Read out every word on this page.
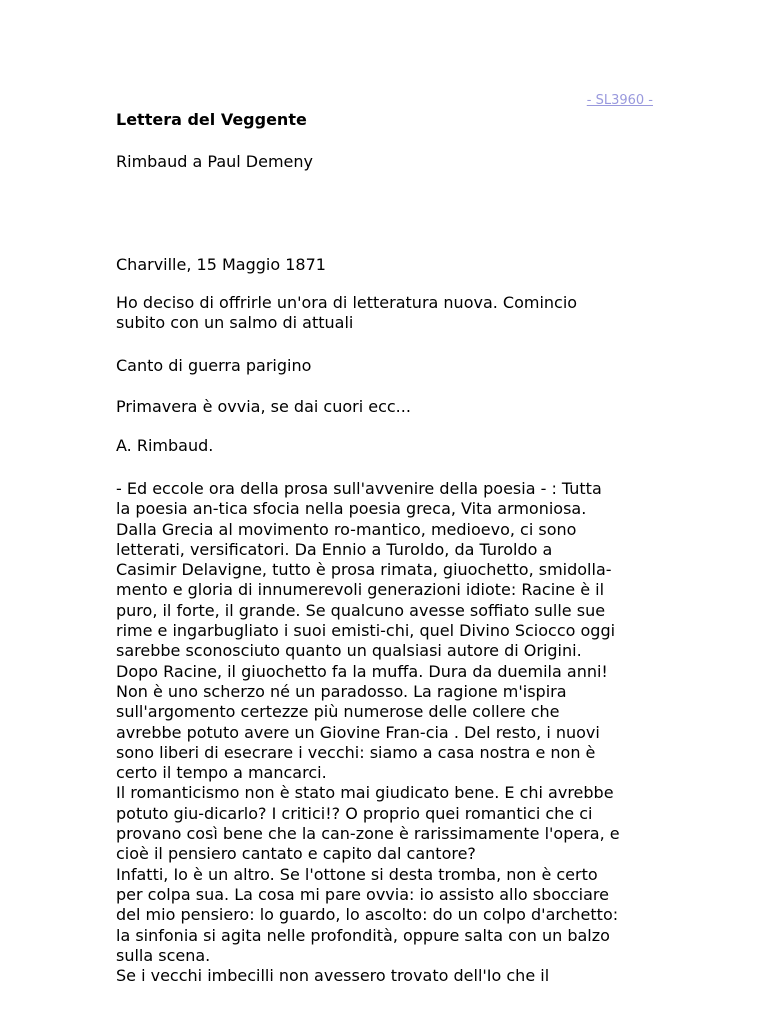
- SL3960 -

Lettera del Veggente

Rimbaud a Paul Demeny

Charville, 15 Maggio 1871

Ho deciso di offrirle un'ora di letteratura nuova. Comincio
subito con un salmo di attuali

Canto di guerra parigino

Primavera è ovvia, se dai cuori ecc...

A. Rimbaud.

- Ed eccole ora della prosa sull'avvenire della poesia - : Tutta
la poesia an-tica sfocia nella poesia greca, Vita armoniosa.
Dalla Grecia al movimento ro-mantico, medioevo, ci sono
letterati, versificatori. Da Ennio a Turoldo, da Turoldo a
Casimir Delavigne, tutto è prosa rimata, giuochetto, smidolla-
mento e gloria di innumerevoli generazioni idiote: Racine è il
puro, il forte, il grande. Se qualcuno avesse soffiato sulle sue
rime e ingarbugliato i suoi emisti-chi, quel Divino Sciocco oggi
sarebbe sconosciuto quanto un qualsiasi autore di Origini.
Dopo Racine, il giuochetto fa la muffa. Dura da duemila anni!
Non è uno scherzo né un paradosso. La ragione m'ispira
sull'argomento certezze più numerose delle collere che
avrebbe potuto avere un Giovine Fran-cia . Del resto, i nuovi
sono liberi di esecrare i vecchi: siamo a casa nostra e non è
certo il tempo a mancarci.
Il romanticismo non è stato mai giudicato bene. E chi avrebbe
potuto giu-dicarlo? I critici!? O proprio quei romantici che ci
provano così bene che la can-zone è rarissimamente l'opera, e
cioè il pensiero cantato e capito dal cantore?
Infatti, Io è un altro. Se l'ottone si desta tromba, non è certo
per colpa sua. La cosa mi pare ovvia: io assisto allo sbocciare
del mio pensiero: lo guardo, lo ascolto: do un colpo d'archetto:
la sinfonia si agita nelle profondità, oppure salta con un balzo
sulla scena.
Se i vecchi imbecilli non avessero trovato dell'Io che il
